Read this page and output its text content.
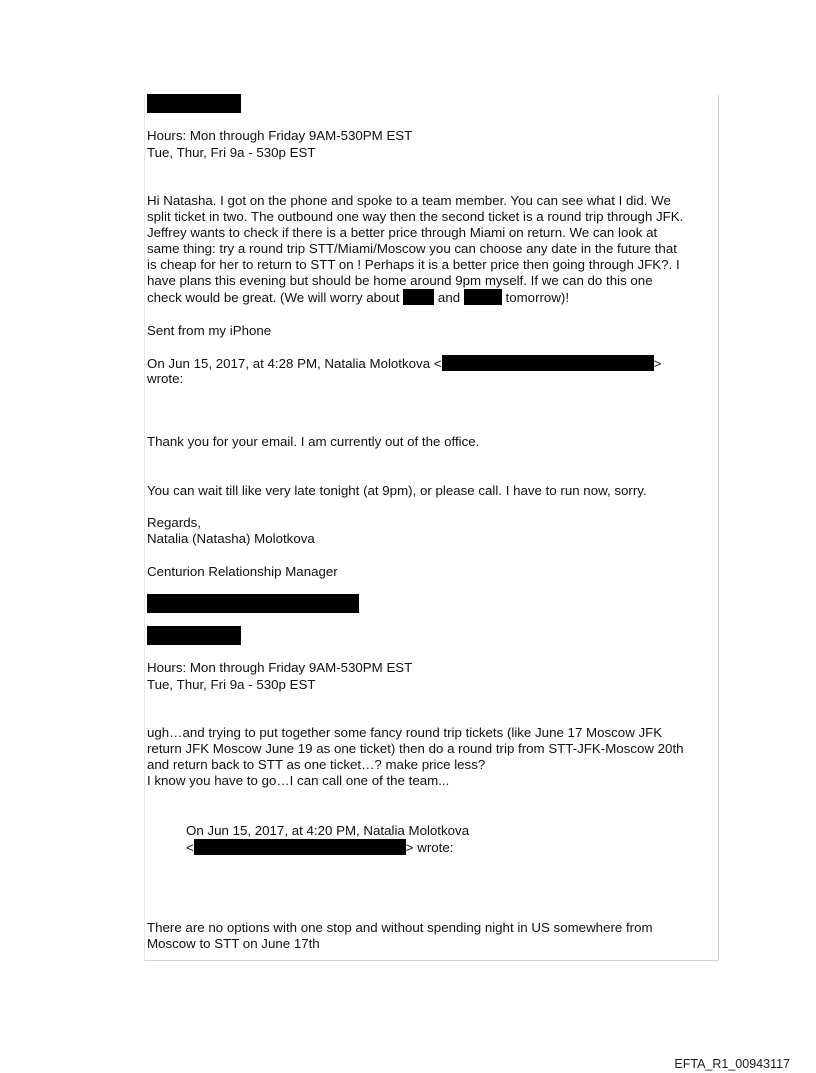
Hours: Mon through Friday 9AM-530PM EST
Tue, Thur, Fri 9a - 530p EST
Hi Natasha. I got on the phone and spoke to a team member. You can see what I did. We
split ticket in two. The outbound one way then the second ticket is a round trip through JFK.
Jeffrey wants to check if there is a better price through Miami on return. We can look at
same thing: try a round trip STT/Miami/Moscow you can choose any date in the future that
is cheap for her to return to STT on ! Perhaps it is a better price then going through JFK?. I
have plans this evening but should be home around 9pm myself. If we can do this one
check would be great. (We will worry about	and	tomorrow)!
Sent from my iPhone
On Jun 15, 2017, at 4:28 PM, Natalia Molotkova <	>
wrote:
Thank you for your email. I am currently out of the office.
You can wait till like very late tonight (at 9pm), or please call. I have to run now, sorry.
Regards,
Natalia (Natasha) Molotkova
Centurion Relationship Manager
Hours: Mon through Friday 9AM-530PM EST
Tue, Thur, Fri 9a - 530p EST
ugh…and trying to put together some fancy round trip tickets (like June 17 Moscow JFK
return JFK Moscow June 19 as one ticket) then do a round trip from STT-JFK-Moscow 20th
and return back to STT as one ticket…? make price less?
I know you have to go…I can call one of the team...
On Jun 15, 2017, at 4:20 PM, Natalia Molotkova
<	> wrote:
There are no options with one stop and without spending night in US somewhere from
Moscow to STT on June 17th
EFTA_R1_00943117
